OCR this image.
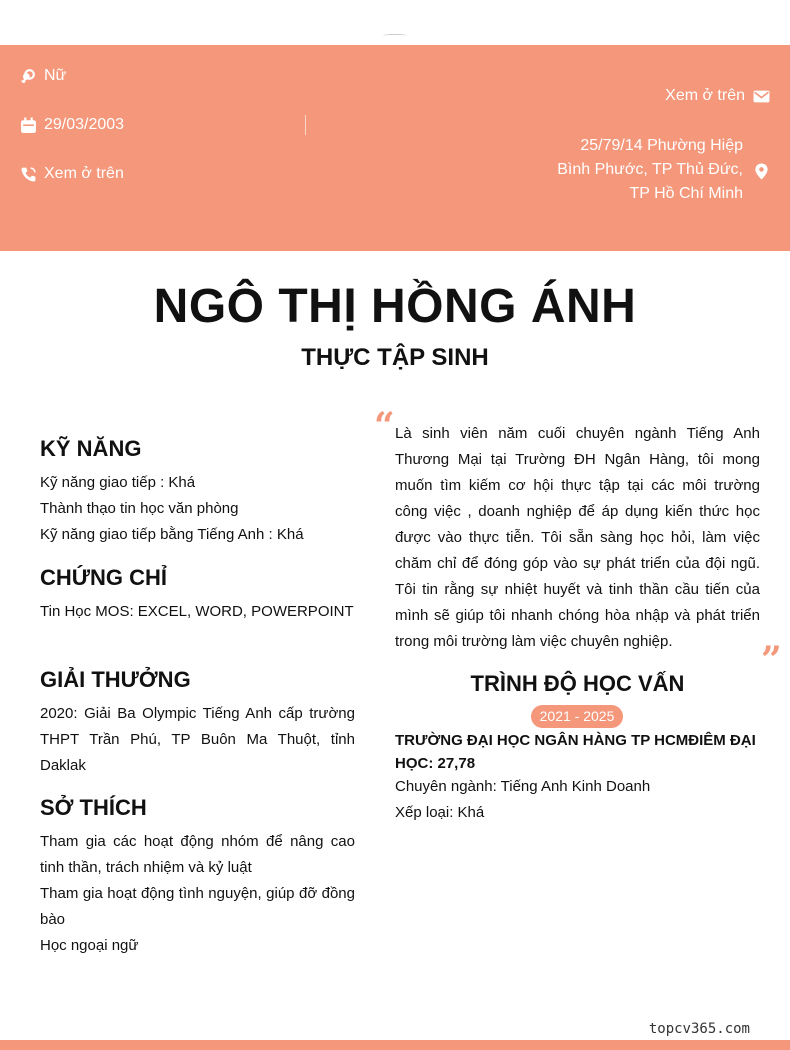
Nữ
29/03/2003
Xem ở trên
Xem ở trên
25/79/14 Phường Hiệp
Bình Phước, TP Thủ Đức,
TP Hồ Chí Minh
NGÔ THỊ HỒNG ÁNH
THỰC TẬP SINH
KỸ NĂNG
Kỹ năng giao tiếp : Khá
Thành thạo tin học văn phòng
Kỹ năng giao tiếp bằng Tiếng Anh : Khá
CHỨNG CHỈ
Tin Học MOS: EXCEL, WORD, POWERPOINT
GIẢI THƯỞNG
2020: Giải Ba Olympic Tiếng Anh cấp trường THPT Trần Phú, TP Buôn Ma Thuột, tỉnh Daklak
SỞ THÍCH
Tham gia các hoạt động nhóm để nâng cao tinh thần, trách nhiệm và kỷ luật
Tham gia hoạt động tình nguyện, giúp đỡ đồng bào
Học ngoại ngữ
“ Là sinh viên năm cuối chuyên ngành Tiếng Anh Thương Mại tại Trường ĐH Ngân Hàng, tôi mong muốn tìm kiếm cơ hội thực tập tại các môi trường công việc , doanh nghiệp để áp dụng kiến thức học được vào thực tiễn. Tôi sẵn sàng học hỏi, làm việc chăm chỉ để đóng góp vào sự phát triển của đội ngũ. Tôi tin rằng sự nhiệt huyết và tinh thần cầu tiến của mình sẽ giúp tôi nhanh chóng hòa nhập và phát triển trong môi trường làm việc chuyên nghiệp.	”
TRÌNH ĐỘ HỌC VẤN
2021 - 2025
TRƯỜNG ĐẠI HỌC NGÂN HÀNG TP HCMĐIÊM ĐẠI HỌC: 27,78
Chuyên ngành: Tiếng Anh Kinh Doanh
Xếp loại: Khá
topcv365.com
